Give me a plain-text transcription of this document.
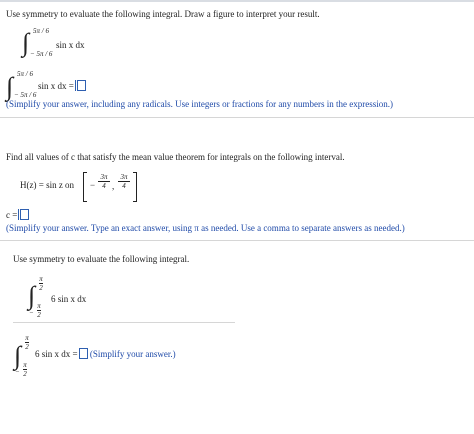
Use symmetry to evaluate the following integral. Draw a figure to interpret your result.
∫ 5π / 6
− 5π / 6
sin x dx
∫ 5π / 6
− 5π / 6
sin x dx =
(Simplify your answer, including any radicals. Use integers or fractions for any numbers in the expression.)
Find all values of c that satisfy the mean value theorem for integrals on the following interval.
H(z) = sin z on −
3π
4 ,
3π
4
c =
(Simplify your answer. Type an exact answer, using π as needed. Use a comma to separate answers as needed.)
Use symmetry to evaluate the following integral.
∫
π
2
−
π
2
6 sin x dx
∫
π
2
−
π
2
6 sin x dx = (Simplify your answer.)
